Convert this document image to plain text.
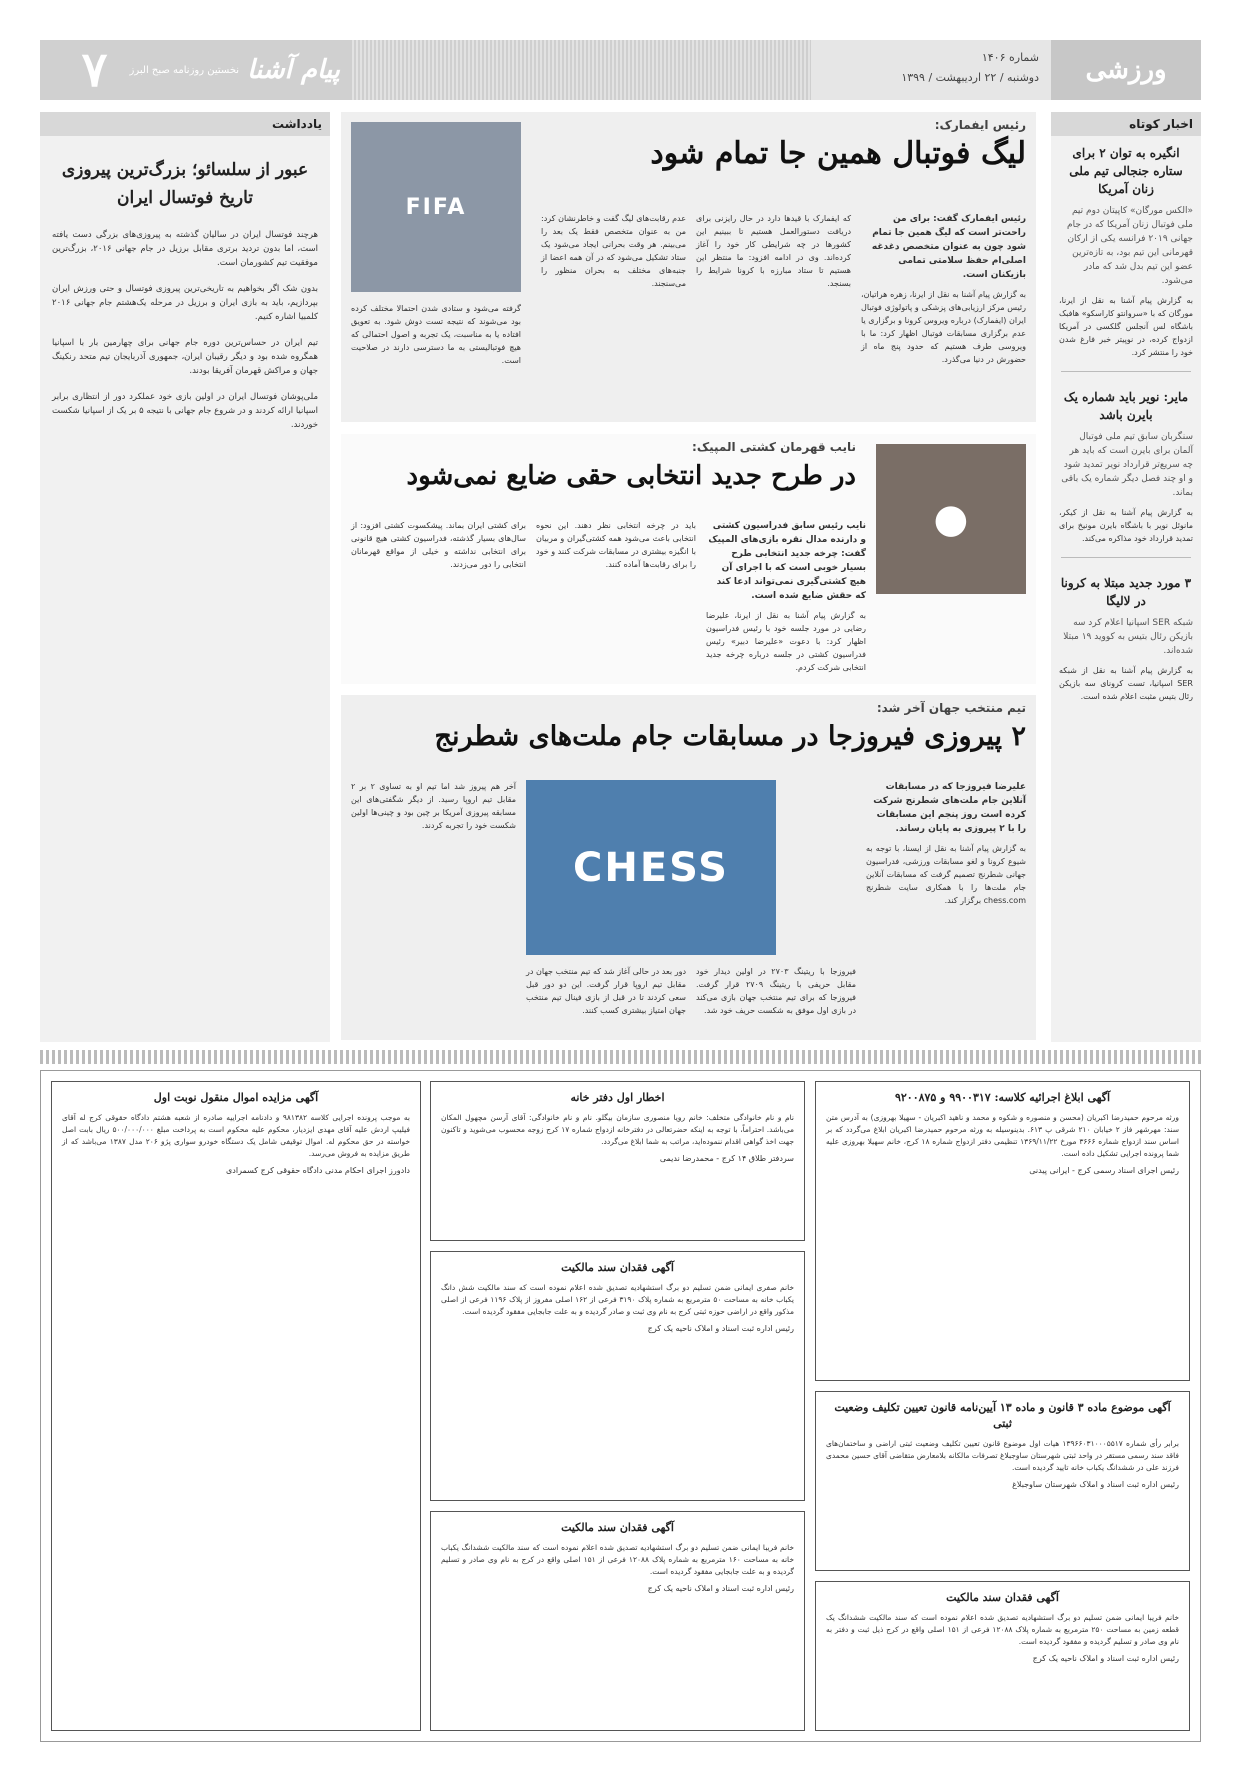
ورزشی
شماره ۱۴۰۶
دوشنبه / ۲۲ اردیبهشت / ۱۳۹۹
پیام آشنا
نخستین روزنامه صبح البرز
۷
اخبار کوتاه
انگیره به توان ۲ برای ستاره جنجالی تیم ملی زنان آمریکا
«الکس مورگان» کاپیتان دوم تیم ملی فوتبال زنان آمریکا که در جام جهانی ۲۰۱۹ فرانسه یکی از ارکان قهرمانی این تیم بود، به تازه‌ترین عضو این تیم بدل شد که مادر می‌شود.
به گزارش پیام آشنا به نقل از ایرنا، مورگان که با «سروانتو کاراسکو» هافبک باشگاه لس آنجلس گلکسی در آمریکا ازدواج کرده، در نوپیتر خبر فارغ شدن خود را منتشر کرد.
مایر: نویر باید شماره یک بایرن باشد
سنگربان سابق تیم ملی فوتبال آلمان برای بایرن است که باید هر چه سریع‌تر قرارداد نویر تمدید شود و او چند فصل دیگر شماره یک باقی بماند.
به گزارش پیام آشنا به نقل از کیکر، مانوئل نویر با باشگاه بایرن مونیخ برای تمدید قرارداد خود مذاکره می‌کند.
۳ مورد جدید مبتلا به کرونا در لالیگا
شبکه SER اسپانیا اعلام کرد سه بازیکن رئال بتیس به کووید ۱۹ مبتلا شده‌اند.
به گزارش پیام آشنا به نقل از شبکه SER اسپانیا، تست کرونای سه بازیکن رئال بتیس مثبت اعلام شده است.
یادداشت
عبور از سلسائو؛ بزرگ‌ترین پیروزی تاریخ فوتسال ایران
هرچند فوتسال ایران در سالیان گذشته به پیروزی‌های بزرگی دست یافته است، اما بدون تردید برتری مقابل برزیل در جام جهانی ۲۰۱۶، بزرگ‌ترین موفقیت تیم کشورمان است.
بدون شک اگر بخواهیم به تاریخی‌ترین پیروزی فوتسال و حتی ورزش ایران بپردازیم، باید به بازی ایران و برزیل در مرحله یک‌هشتم جام جهانی ۲۰۱۶ کلمبیا اشاره کنیم.
تیم ایران در حساس‌ترین دوره جام جهانی برای چهارمین بار با اسپانیا همگروه شده بود و دیگر رقیبان ایران، جمهوری آذربایجان تیم متحد رنکینگ جهان و مراکش قهرمان آفریقا بودند.
ملی‌پوشان فوتسال ایران در اولین بازی خود عملکرد دور از انتظاری برابر اسپانیا ارائه کردند و در شروع جام جهانی با نتیجه ۵ بر یک از اسپانیا شکست خوردند.
رئیس ایفمارک:
لیگ فوتبال همین جا تمام شود
FIFA	رئیس ایفمارک گفت: برای من راحت‌تر است که لیگ همین جا تمام شود چون به عنوان متخصص دغدغه اصلی‌ام حفظ سلامتی تمامی بازیکنان است.
به گزارش پیام آشنا به نقل از ایرنا، زهره هراتیان، رئیس مرکز ارزیابی‌های پزشکی و پاتولوژی فوتبال ایران (ایفمارک) درباره ویروس کرونا و برگزاری یا عدم برگزاری مسابقات فوتبال اظهار کرد: ما با ویروسی طرف هستیم که حدود پنج ماه از حضورش در دنیا می‌گذرد.
که ایفمارک با قیدها دارد در حال رایزنی برای دریافت دستورالعمل هستیم تا ببینیم این کشورها در چه شرایطی کار خود را آغاز کرده‌اند. وی در ادامه افزود: ما منتظر این هستیم تا ستاد مبارزه با کرونا شرایط را بسنجد.
عدم رقابت‌های لیگ گفت و خاطرنشان کرد: من به عنوان متخصص فقط یک بعد را می‌بینم. هر وقت بحرانی ایجاد می‌شود یک ستاد تشکیل می‌شود که در آن همه اعضا از جنبه‌های مختلف به بحران منظور را می‌سنجند.
گرفته می‌شود و ستادی شدن احتمالا مختلف کرده بود می‌شوند که نتیجه تست دوش شود. به تعویق افتاده یا به مناسبت، یک تجربه و اصول احتمالی که هیچ فوتبالیستی به ما دسترسی دارند در صلاحیت است.
●
نایب قهرمان کشتی المپیک:
در طرح جدید انتخابی حقی ضایع نمی‌شود
نایب رئیس سابق فدراسیون کشتی و دارنده مدال نقره بازی‌های المپیک گفت: چرخه جدید انتخابی طرح بسیار خوبی است که با اجرای آن هیچ کشتی‌گیری نمی‌تواند ادعا کند که حقش ضایع شده است.
به گزارش پیام آشنا به نقل از ایرنا، علیرضا رضایی در مورد جلسه خود با رئیس فدراسیون اظهار کرد: با دعوت «علیرضا دبیر» رئیس فدراسیون کشتی در جلسه درباره چرخه جدید انتخابی شرکت کردم.
باید در چرخه انتخابی نظر دهند. این نحوه انتخابی باعث می‌شود همه کشتی‌گیران و مربیان با انگیزه بیشتری در مسابقات شرکت کنند و خود را برای رقابت‌ها آماده کنند.
برای کشتی ایران بماند. پیشکسوت کشتی افزود: از سال‌های بسیار گذشته، فدراسیون کشتی هیچ قانونی برای انتخابی نداشته و خیلی از مواقع قهرمانان انتخابی را دور می‌زدند.
تیم منتخب جهان آخر شد:
۲ پیروزی فیروزجا در مسابقات جام ملت‌های شطرنج
CHESS
علیرضا فیروزجا که در مسابقات آنلاین جام ملت‌های شطرنج شرکت کرده است روز پنجم این مسابقات را با ۲ پیروزی به پایان رساند.
به گزارش پیام آشنا به نقل از ایسنا، با توجه به شیوع کرونا و لغو مسابقات ورزشی، فدراسیون جهانی شطرنج تصمیم گرفت که مسابقات آنلاین جام ملت‌ها را با همکاری سایت شطرنج chess.com برگزار کند.
فیروزجا با ریتینگ ۲۷۰۳ در اولین دیدار خود مقابل حریفی با ریتینگ ۲۷۰۹ قرار گرفت. فیروزجا که برای تیم منتخب جهان بازی می‌کند در بازی اول موفق به شکست حریف خود شد.
دور بعد در حالی آغاز شد که تیم منتخب جهان در مقابل تیم اروپا قرار گرفت. این دو دور قبل سعی کردند تا در قبل از بازی فینال تیم منتخب جهان امتیاز بیشتری کسب کنند.
آخر هم پیروز شد اما تیم او به تساوی ۲ بر ۲ مقابل تیم اروپا رسید. از دیگر شگفتی‌های این مسابقه پیروزی آمریکا بر چین بود و چینی‌ها اولین شکست خود را تجربه کردند.
آگهی ابلاغ اجرائیه کلاسه: ۹۹۰۰۳۱۷ و ۹۲۰۰۸۷۵
ورثه مرحوم حمیدرضا اکبریان (محسن و منصوره و شکوه و محمد و ناهید اکبریان - سهیلا بهروزی) به آدرس متن سند: مهرشهر فاز ۲ خیابان ۲۱۰ شرقی پ ۶۱۳. بدینوسیله به ورثه مرحوم حمیدرضا اکبریان ابلاغ می‌گردد که بر اساس سند ازدواج شماره ۳۶۶۶ مورخ ۱۳۶۹/۱۱/۲۲ تنظیمی دفتر ازدواج شماره ۱۸ کرج، خانم سهیلا بهروزی علیه شما پرونده اجرایی تشکیل داده است.
رئیس اجرای اسناد رسمی کرج - ایرانی پیدنی
اخطار اول دفتر خانه
نام و نام خانوادگی متخلف: خانم رویا منصوری سازمان بیگلو. نام و نام خانوادگی: آقای آرسن مچهول المکان می‌باشد. احتراماً، با توجه به اینکه حضرتعالی در دفترخانه ازدواج شماره ۱۷ کرج زوجه محسوب می‌شوید و تاکنون جهت اخذ گواهی اقدام ننموده‌اید، مراتب به شما ابلاغ می‌گردد.
سردفتر طلاق ۱۴ کرج - محمدرضا ندیمی
آگهی مزایده اموال منقول نوبت اول
به موجب پرونده اجرایی کلاسه ۹۸۱۳۸۲ و دادنامه اجراییه صادره از شعبه هشتم دادگاه حقوقی کرج له آقای فیلیپ اردش علیه آقای مهدی ایزدیار، محکوم علیه محکوم است به پرداخت مبلغ ۵۰۰/۰۰۰/۰۰۰ ریال بابت اصل خواسته در حق محکوم له. اموال توقیفی شامل یک دستگاه خودرو سواری پژو ۲۰۶ مدل ۱۳۸۷ می‌باشد که از طریق مزایده به فروش می‌رسد.
دادورز اجرای احکام مدنی دادگاه حقوقی کرج کسمرادی
آگهی فقدان سند مالکیت
خانم صفری ایمانی ضمن تسلیم دو برگ استشهادیه تصدیق شده اعلام نموده است که سند مالکیت شش دانگ یکباب خانه به مساحت ۵۰ مترمربع به شماره پلاک ۳۱۹۰ فرعی از ۱۶۲ اصلی مفروز از پلاک ۱۱۹۶ فرعی از اصلی مذکور واقع در اراضی حوزه ثبتی کرج به نام وی ثبت و صادر گردیده و به علت جابجایی مفقود گردیده است.
رئیس اداره ثبت اسناد و املاک ناحیه یک کرج
آگهی موضوع ماده ۳ قانون و ماده ۱۳ آیین‌نامه قانون تعیین تکلیف وضعیت ثبتی
برابر رأی شماره ۱۳۹۶۶۰۳۱۰۰۰۵۵۱۷ هیات اول موضوع قانون تعیین تکلیف وضعیت ثبتی اراضی و ساختمان‌های فاقد سند رسمی مستقر در واحد ثبتی شهرستان ساوجبلاغ تصرفات مالکانه بلامعارض متقاضی آقای حسین محمدی فرزند علی در ششدانگ یکباب خانه تایید گردیده است.
رئیس اداره ثبت اسناد و املاک شهرستان ساوجبلاغ
آگهی فقدان سند مالکیت
خانم فریبا ایمانی ضمن تسلیم دو برگ استشهادیه تصدیق شده اعلام نموده است که سند مالکیت ششدانگ یک قطعه زمین به مساحت ۲۵۰ مترمربع به شماره پلاک ۱۲۰۸۸ فرعی از ۱۵۱ اصلی واقع در کرج ذیل ثبت و دفتر به نام وی صادر و تسلیم گردیده و مفقود گردیده است.
رئیس اداره ثبت اسناد و املاک ناحیه یک کرج
آگهی فقدان سند مالکیت
خانم فریبا ایمانی ضمن تسلیم دو برگ استشهادیه تصدیق شده اعلام نموده است که سند مالکیت ششدانگ یکباب خانه به مساحت ۱۶۰ مترمربع به شماره پلاک ۱۲۰۸۸ فرعی از ۱۵۱ اصلی واقع در کرج به نام وی صادر و تسلیم گردیده و به علت جابجایی مفقود گردیده است.
رئیس اداره ثبت اسناد و املاک ناحیه یک کرج
